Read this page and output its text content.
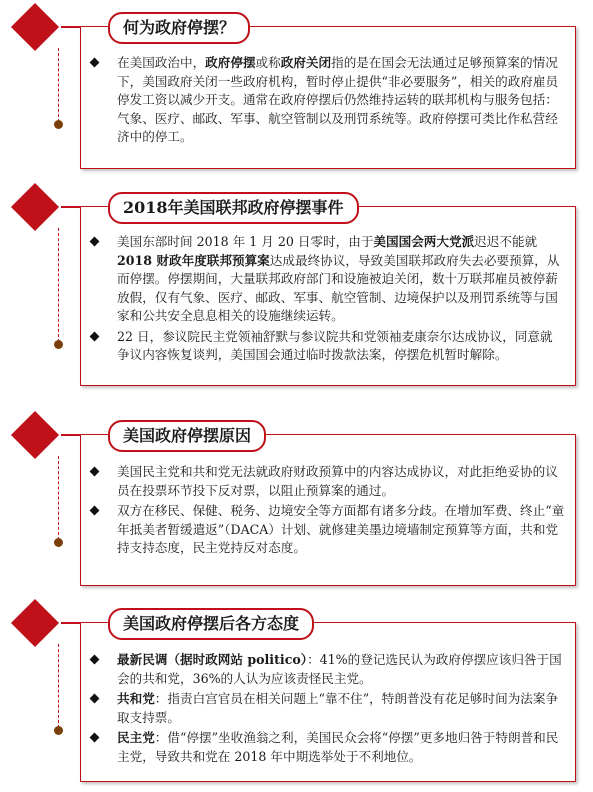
何为政府停摆？
在美国政治中，政府停摆或称政府关闭指的是在国会无法通过足够预算案的情况下，美国政府关闭一些政府机构，暂时停止提供“非必要服务”，相关的政府雇员停发工资以减少开支。通常在政府停摆后仍然维持运转的联邦机构与服务包括：气象、医疗、邮政、军事、航空管制以及刑罚系统等。政府停摆可类比作私营经济中的停工。
2018年美国联邦政府停摆事件
美国东部时间 2018 年 1 月 20 日零时，由于美国国会两大党派迟迟不能就2018 财政年度联邦预算案达成最终协议，导致美国联邦政府失去必要预算，从而停摆。停摆期间，大量联邦政府部门和设施被迫关闭，数十万联邦雇员被停薪放假，仅有气象、医疗、邮政、军事、航空管制、边境保护以及刑罚系统等与国家和公共安全息息相关的设施继续运转。
22 日，参议院民主党领袖舒默与参议院共和党领袖麦康奈尔达成协议，同意就争议内容恢复谈判，美国国会通过临时拨款法案，停摆危机暂时解除。
美国政府停摆原因
美国民主党和共和党无法就政府财政预算中的内容达成协议，对此拒绝妥协的议员在投票环节投下反对票，以阻止预算案的通过。
双方在移民、保健、税务、边境安全等方面都有诸多分歧。在增加军费、终止“童年抵美者暂缓遣返”（DACA）计划、就修建美墨边境墙制定预算等方面，共和党持支持态度，民主党持反对态度。
美国政府停摆后各方态度
最新民调（据时政网站 politico）：41%的登记选民认为政府停摆应该归咎于国会的共和党，36%的人认为应该责怪民主党。
共和党：指责白宫官员在相关问题上“靠不住”，特朗普没有花足够时间为法案争取支持票。
民主党：借“停摆”坐收渔翁之利，美国民众会将“停摆”更多地归咎于特朗普和民主党，导致共和党在 2018 年中期选举处于不利地位。
